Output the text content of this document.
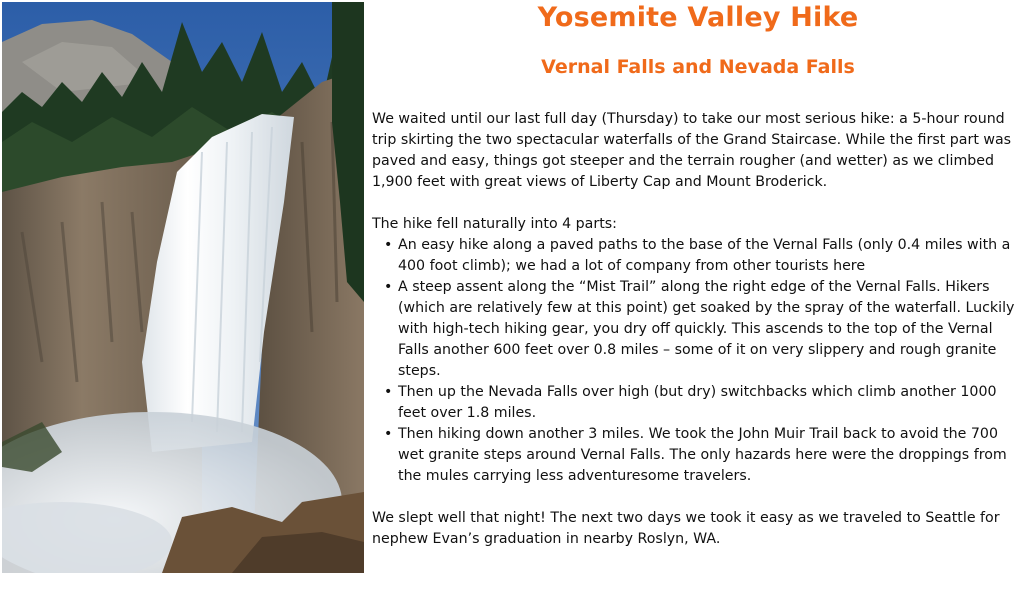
Yosemite Valley Hike
Vernal Falls and Nevada Falls

We waited until our last full day (Thursday) to take our most serious hike: a 5-hour round trip skirting the two spectacular waterfalls of the Grand Staircase. While the first part was paved and easy, things got steeper and the terrain rougher (and wetter) as we climbed 1,900 feet with great views of Liberty Cap and Mount Broderick.

The hike fell naturally into 4 parts:

• An easy hike along a paved paths to the base of the Vernal Falls (only 0.4 miles with a 400 foot climb); we had a lot of company from other tourists here
• A steep assent along the “Mist Trail” along the right edge of the Vernal Falls. Hikers (which are relatively few at this point) get soaked by the spray of the waterfall. Luckily with high-tech hiking gear, you dry off quickly. This ascends to the top of the Vernal Falls another 600 feet over 0.8 miles – some of it on very slippery and rough granite steps.
• Then up the Nevada Falls over high (but dry) switchbacks which climb another 1000 feet over 1.8 miles.
• Then hiking down another 3 miles. We took the John Muir Trail back to avoid the 700 wet granite steps around Vernal Falls. The only hazards here were the droppings from the mules carrying less adventuresome travelers.

We slept well that night! The next two days we took it easy as we traveled to Seattle for nephew Evan’s graduation in nearby Roslyn, WA.
